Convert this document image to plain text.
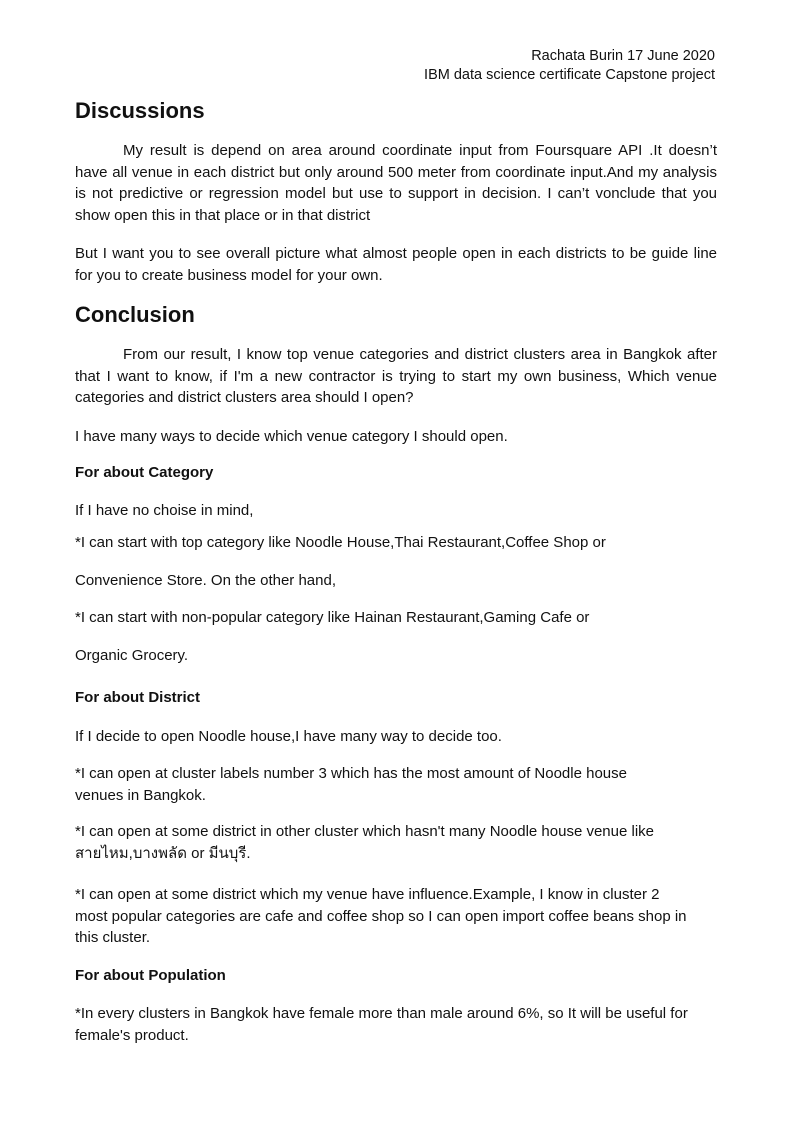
Rachata Burin 17 June 2020
IBM data science certificate Capstone project
Discussions

My result is depend on area around coordinate input from Foursquare API .It doesn’t have all venue in each district but only around 500 meter from coordinate input.And my analysis is not predictive or regression model but use to support in decision. I can’t vonclude that you show open this in that place or in that district

But I want you to see overall picture what almost people open in each districts to be guide line for you to create business model for your own.

Conclusion

From our result, I know top venue categories and district clusters area in Bangkok after that I want to know, if I'm a new contractor is trying to start my own business, Which venue categories and district clusters area should I open?

I have many ways to decide which venue category I should open.

For about Category

If I have no choise in mind,

*I can start with top category like Noodle House,Thai Restaurant,Coffee Shop or

Convenience Store. On the other hand,

*I can start with non-popular category like Hainan Restaurant,Gaming Cafe or

Organic Grocery.

For about District

If I decide to open Noodle house,I have many way to decide too.

*I can open at cluster labels number 3 which has the most amount of Noodle house venues in Bangkok.

*I can open at some district in other cluster which hasn't many Noodle house venue like สายไหม,บางพลัด or มีนบุรี.

*I can open at some district which my venue have influence.Example, I know in cluster 2 most popular categories are cafe and coffee shop so I can open import coffee beans shop in this cluster.

For about Population

*In every clusters in Bangkok have female more than male around 6%, so It will be useful for female's product.
